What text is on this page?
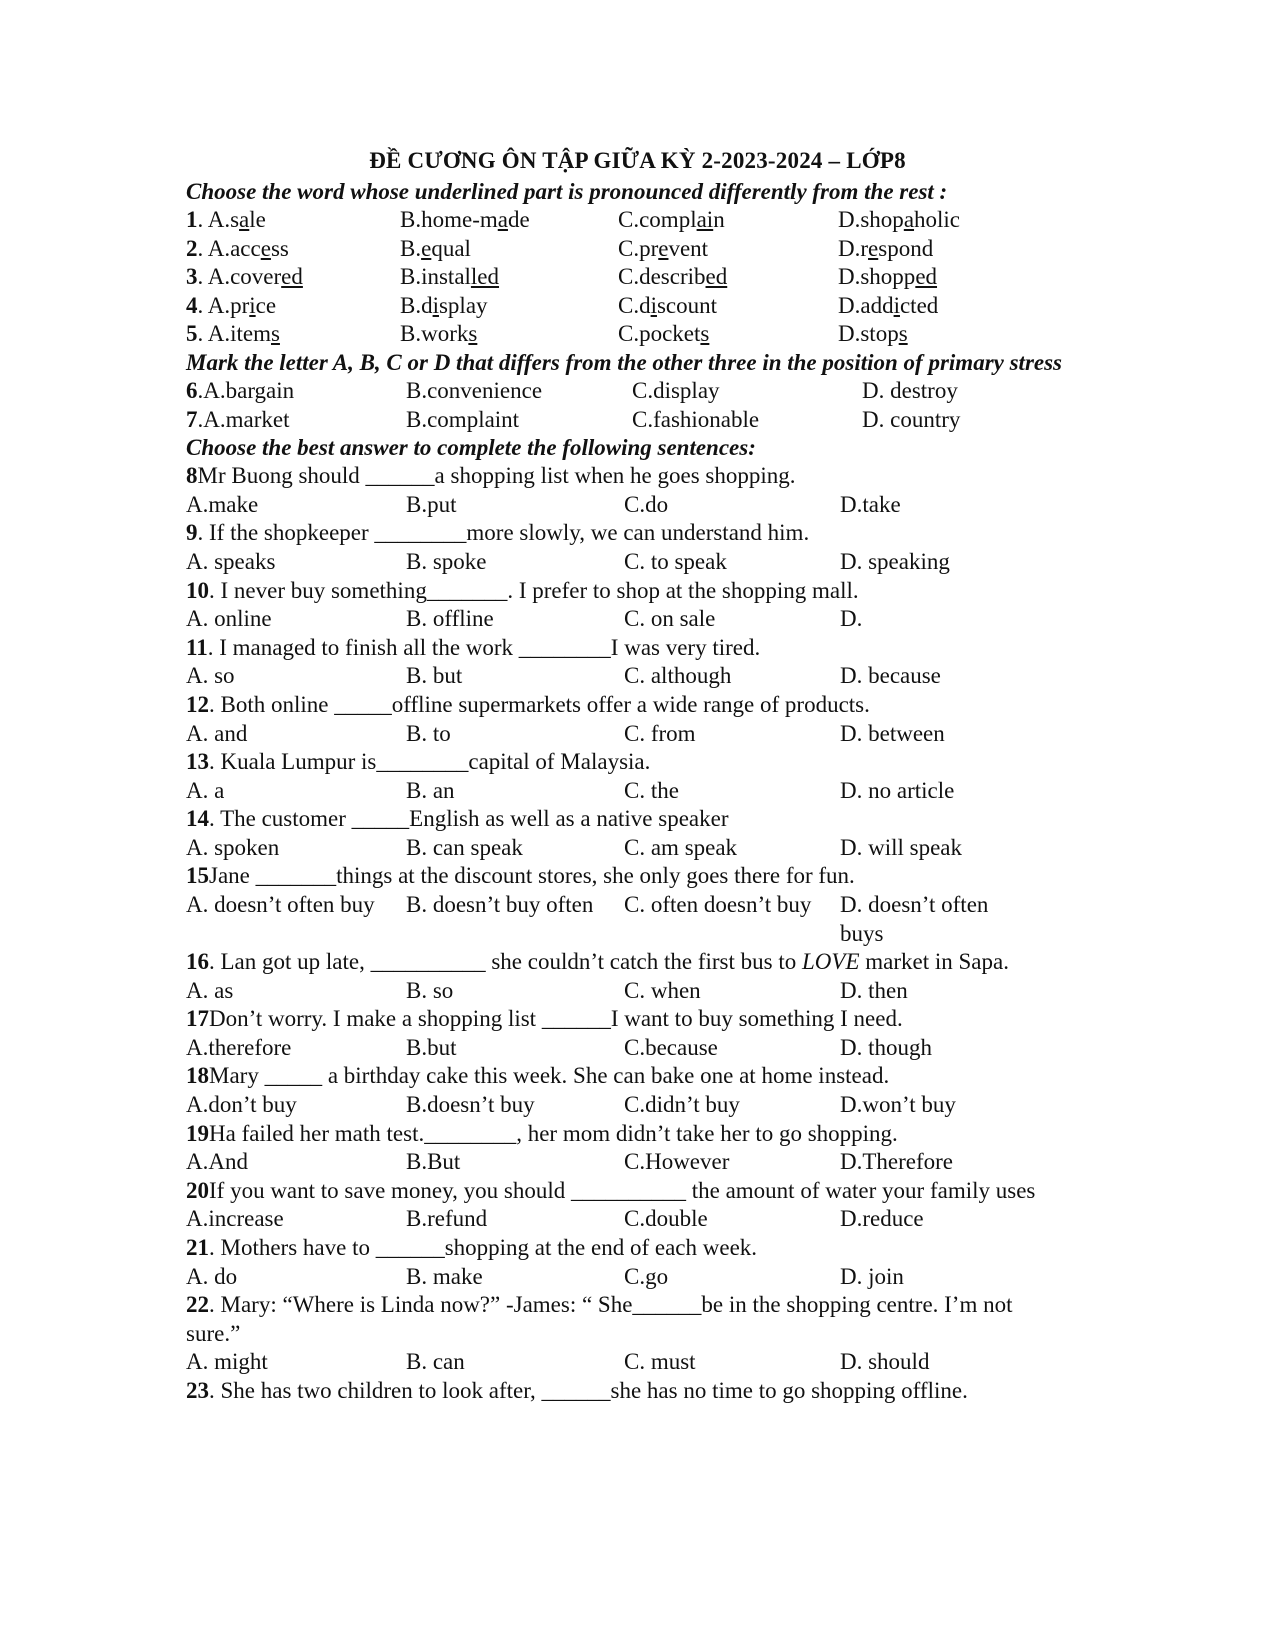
ĐỀ CƯƠNG ÔN TẬP GIỮA KỲ 2-2023-2024 – LỚP8
Choose the word whose underlined part is pronounced differently from the rest :
1. A.sale	B.home-made	C.complain	D.shopaholic
2. A.access	B.equal	C.prevent	D.respond
3. A.covered	B.installed	C.described	D.shopped
4. A.price	B.display	C.discount	D.addicted
5. A.items	B.works	C.pockets	D.stops
Mark the letter A, B, C or D that differs from the other three in the position of primary stress
6.A.bargain	B.convenience	C.display	D. destroy
7.A.market	B.complaint	C.fashionable	D. country
Choose the best answer to complete the following sentences:
8Mr Buong should ______a shopping list when he goes shopping.
A.make	B.put	C.do	D.take
9. If the shopkeeper ________more slowly, we can understand him.
A. speaks	B. spoke	C. to speak	D. speaking
10. I never buy something_______. I prefer to shop at the shopping mall.
A. online	B. offline	C. on sale	D.
11. I managed to finish all the work ________I was very tired.
A. so	B. but	C. although	D. because
12. Both online _____offline supermarkets offer a wide range of products.
A. and	B. to	C. from	D. between
13. Kuala Lumpur is________capital of Malaysia.
A. a	B. an	C. the	D. no article
14. The customer _____English as well as a native speaker
A. spoken	B. can speak	C. am speak	D. will speak
15Jane _______things at the discount stores, she only goes there for fun.
A. doesn’t often buy B. doesn’t buy often C. often doesn’t buy D. doesn’t often buys
16. Lan got up late, __________ she couldn’t catch the first bus to LOVE market in Sapa.
A. as	B. so	C. when	D. then
17Don’t worry. I make a shopping list ______I want to buy something I need.
A.therefore	B.but	C.because	D. though
18Mary _____ a birthday cake this week. She can bake one at home instead.
A.don’t buy	B.doesn’t buy	C.didn’t buy	D.won’t buy
19Ha failed her math test.________, her mom didn’t take her to go shopping.
A.And	B.But	C.However	D.Therefore
20If you want to save money, you should __________ the amount of water your family uses
A.increase	B.refund	C.double	D.reduce
21. Mothers have to ______shopping at the end of each week.
A. do	B. make	C.go	D. join
22. Mary: “Where is Linda now?” -James: “ She______be in the shopping centre. I’m not sure.”
A. might	B. can	C. must	D. should
23. She has two children to look after, ______she has no time to go shopping offline.
